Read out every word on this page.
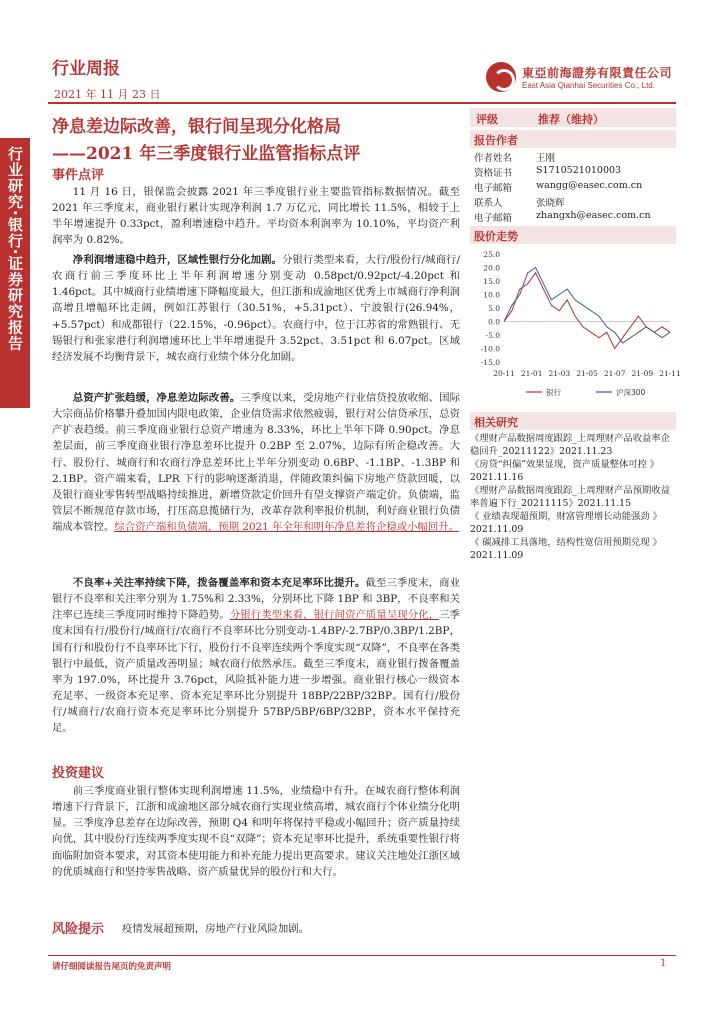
行业周报
2021 年 11 月 23 日
東亞前海證券有限責任公司
East Asia Qianhai Securities Co., Ltd.
行业研究·银行·证券研究报告
净息差边际改善，银行间呈现分化格局
——2021 年三季度银行业监管指标点评
事件点评
11 月 16 日，银保监会披露 2021 年三季度银行业主要监管指标数据情况。截至 2021 年三季度末，商业银行累计实现净利润 1.7 万亿元，同比增长 11.5%，相较于上半年增速提升 0.33pct，盈利增速稳中趋升。平均资本利润率为 10.10%，平均资产利润率为 0.82%。
净利润增速稳中趋升，区域性银行分化加剧。分银行类型来看，大行/股份行/城商行/农商行前三季度环比上半年利润增速分别变动 0.58pct/0.92pct/-4.20pct 和 1.46pct。其中城商行业绩增速下降幅度最大，但江浙和成渝地区优秀上市城商行净利润高增且增幅环比走阔，例如江苏银行（30.51%，+5.31pct）、宁波银行(26.94%，+5.57pct）和成都银行（22.15%，-0.96pct）。农商行中，位于江苏省的常熟银行、无锡银行和张家港行利润增速环比上半年增速提升 3.52pct、3.51pct 和 6.07pct。区域经济发展不均衡背景下，城农商行业绩个体分化加剧。
总资产扩张趋缓，净息差边际改善。三季度以来，受房地产行业信贷投放收缩、国际大宗商品价格攀升叠加国内限电政策，企业信贷需求依然疲弱，银行对公信贷承压，总资产扩表趋缓。前三季度商业银行总资产增速为 8.33%，环比上半年下降 0.90pct。净息差层面，前三季度商业银行净息差环比提升 0.2BP 至 2.07%，边际有所企稳改善。大行、股份行、城商行和农商行净息差环比上半年分别变动 0.6BP、-1.1BP、-1.3BP 和 2.1BP。资产端来看，LPR 下行的影响逐渐消退，伴随政策纠偏下房地产贷款回暖，以及银行商业零售转型战略持续推进，新增贷款定价回升有望支撑资产端定价。负债端，监管层不断规范存款市场，打压高息揽储行为，改革存款利率报价机制，利好商业银行负债端成本管控。综合资产端和负债端，预期 2021 年全年和明年净息差将企稳或小幅回升。
不良率+关注率持续下降，拨备覆盖率和资本充足率环比提升。截至三季度末，商业银行不良率和关注率分别为 1.75%和 2.33%，分别环比下降 1BP 和 3BP，不良率和关注率已连续三季度同时维持下降趋势。分银行类型来看，银行间资产质量呈现分化，三季度末国有行/股份行/城商行/农商行不良率环比分别变动-1.4BP/-2.7BP/0.3BP/1.2BP，国有行和股份行不良率环比下行，股份行不良率连续两个季度实现“双降”，不良率在各类银行中最低，资产质量改善明显；城农商行依然承压。截至三季度末，商业银行拨备覆盖率为 197.0%，环比提升 3.76pct，风险抵补能力进一步增强。商业银行核心一级资本充足率、一级资本充足率、资本充足率环比分别提升 18BP/22BP/32BP。国有行/股份行/城商行/农商行资本充足率环比分别提升 57BP/5BP/6BP/32BP，资本水平保持充足。
投资建议
前三季度商业银行整体实现利润增速 11.5%，业绩稳中有升。在城农商行整体利润增速下行背景下，江浙和成渝地区部分城农商行实现业绩高增，城农商行个体业绩分化明显。三季度净息差存在边际改善，预期 Q4 和明年将保持平稳或小幅回升；资产质量持续向优，其中股份行连续两季度实现不良“双降”；资本充足率环比提升，系统重要性银行将面临附加资本要求，对其资本使用能力和补充能力提出更高要求。建议关注地处江浙区域的优质城商行和坚持零售战略、资产质量优异的股份行和大行。
风险提示 疫情发展超预期，房地产行业风险加剧。
评级	推荐（维持）
报告作者
作者姓名	王刚
资格证书	S1710521010003
电子邮箱	wangg@easec.com.cn
联系人	张晓辉
电子邮箱	zhangxh@easec.com.cn
股价走势
25.0
20.0
15.0
10.0
5.0
0.0
-5.0
-10.0
-15.0
20-11 21-01 21-03 21-05 21-07 21-09 21-11
银行	沪深300
相关研究
《理财产品数据周度跟踪_上周理财产品收益率企稳回升_20211122》2021.11.23
《房贷“纠偏”效果显现，资产质量整体可控 》2021.11.16
《理财产品数据周度跟踪_上周理财产品预期收益率普遍下行_20211115》2021.11.15
《 业绩表现超预期，财富管理增长动能强劲 》2021.11.09
《 碳减排工具落地，结构性宽信用预期兑现 》2021.11.09
请仔细阅读报告尾页的免责声明	1
